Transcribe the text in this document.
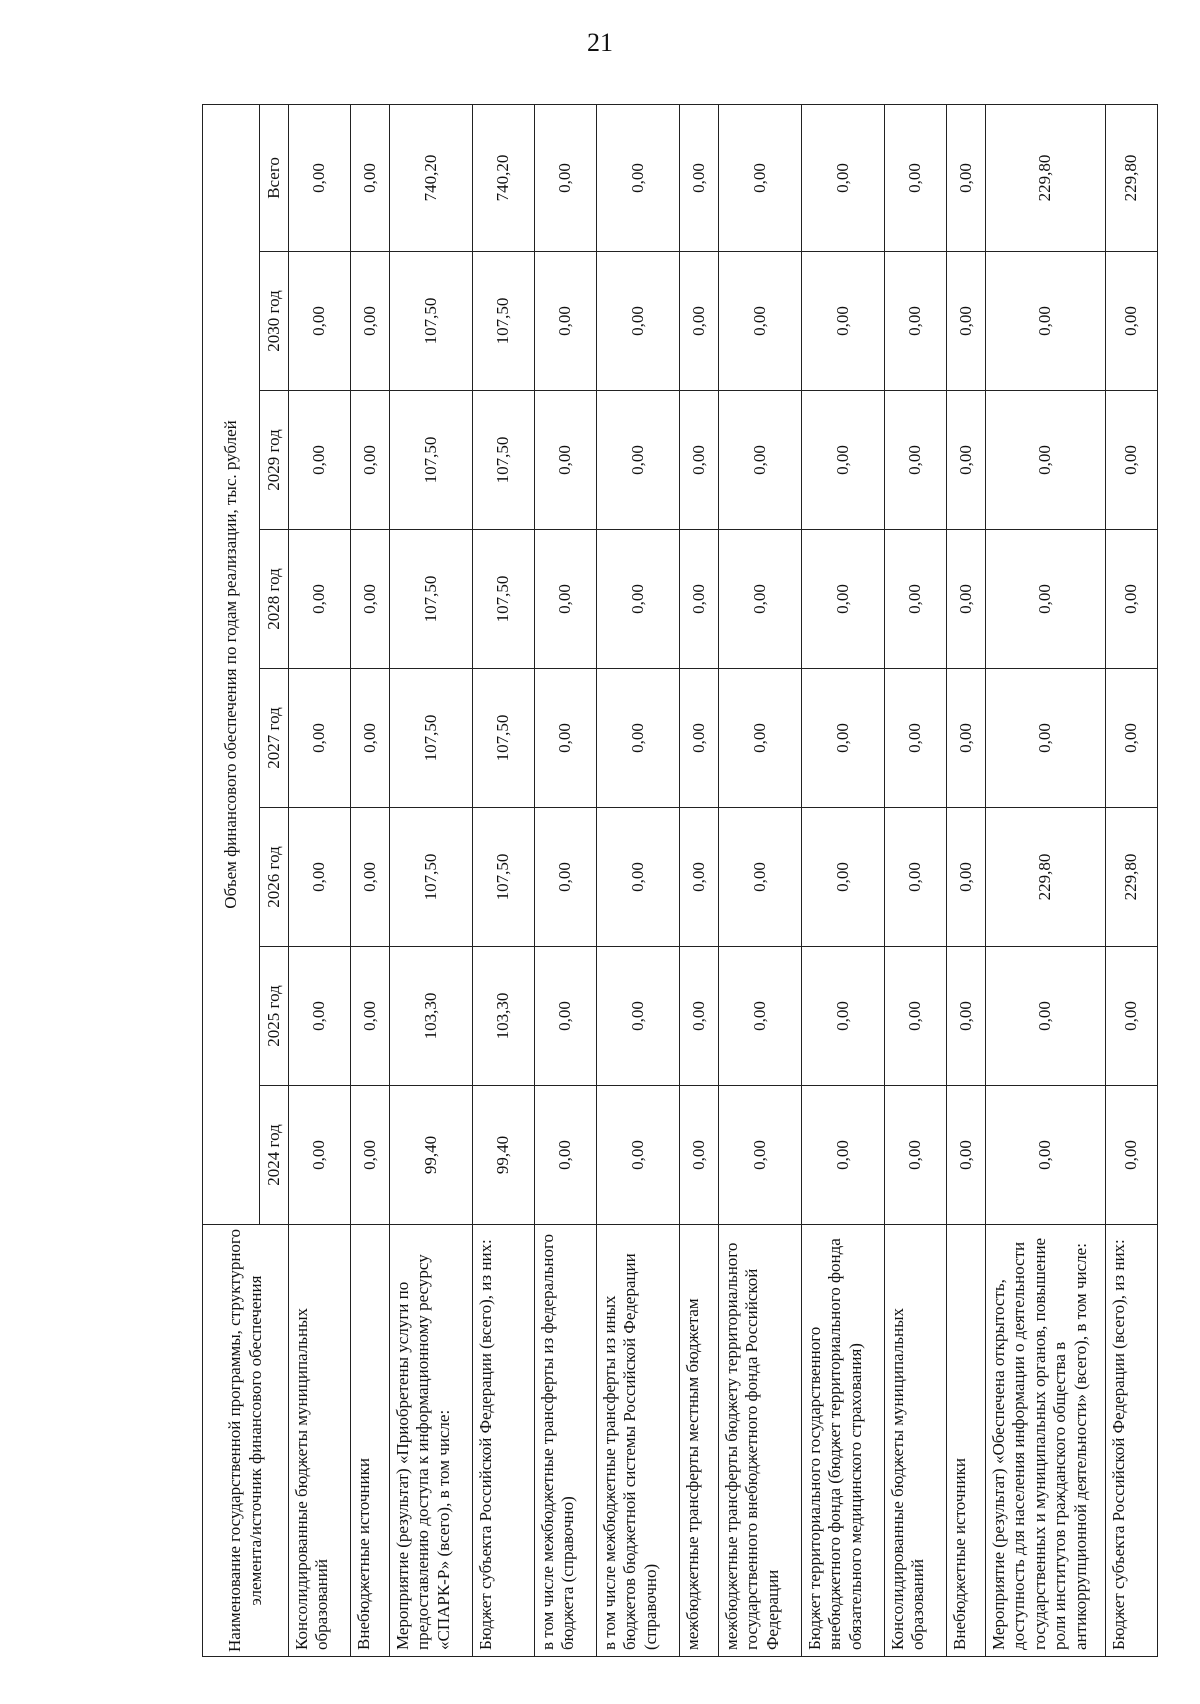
21
Наименование государственной программы, структурного элемента/источник финансового обеспечения	Объем финансового обеспечения по годам реализации, тыс. рублей							
	2024 год	2025 год	2026 год	2027 год	2028 год	2029 год	2030 год	Всего
Консолидированные бюджеты муниципальных образований	0,00	0,00	0,00	0,00	0,00	0,00	0,00	0,00
Внебюджетные источники	0,00	0,00	0,00	0,00	0,00	0,00	0,00	0,00
Мероприятие (результат) «Приобретены услуги по предоставлению доступа к информационному ресурсу «СПАРК-Р» (всего), в том числе:	99,40	103,30	107,50	107,50	107,50	107,50	107,50	740,20
Бюджет субъекта Российской Федерации (всего), из них:	99,40	103,30	107,50	107,50	107,50	107,50	107,50	740,20
в том числе межбюджетные трансферты из федерального бюджета (справочно)	0,00	0,00	0,00	0,00	0,00	0,00	0,00	0,00
в том числе межбюджетные трансферты из иных бюджетов бюджетной системы Российской Федерации (справочно)	0,00	0,00	0,00	0,00	0,00	0,00	0,00	0,00
межбюджетные трансферты местным бюджетам	0,00	0,00	0,00	0,00	0,00	0,00	0,00	0,00
межбюджетные трансферты бюджету территориального государственного внебюджетного фонда Российской Федерации	0,00	0,00	0,00	0,00	0,00	0,00	0,00	0,00
Бюджет территориального государственного внебюджетного фонда (бюджет территориального фонда обязательного медицинского страхования)	0,00	0,00	0,00	0,00	0,00	0,00	0,00	0,00
Консолидированные бюджеты муниципальных образований	0,00	0,00	0,00	0,00	0,00	0,00	0,00	0,00
Внебюджетные источники	0,00	0,00	0,00	0,00	0,00	0,00	0,00	0,00
Мероприятие (результат) «Обеспечена открытость, доступность для населения информации о деятельности государственных и муниципальных органов, повышение роли институтов гражданского общества в антикоррупционной деятельности» (всего), в том числе:	0,00	0,00	229,80	0,00	0,00	0,00	0,00	229,80
Бюджет субъекта Российской Федерации (всего), из них:	0,00	0,00	229,80	0,00	0,00	0,00	0,00	229,80
